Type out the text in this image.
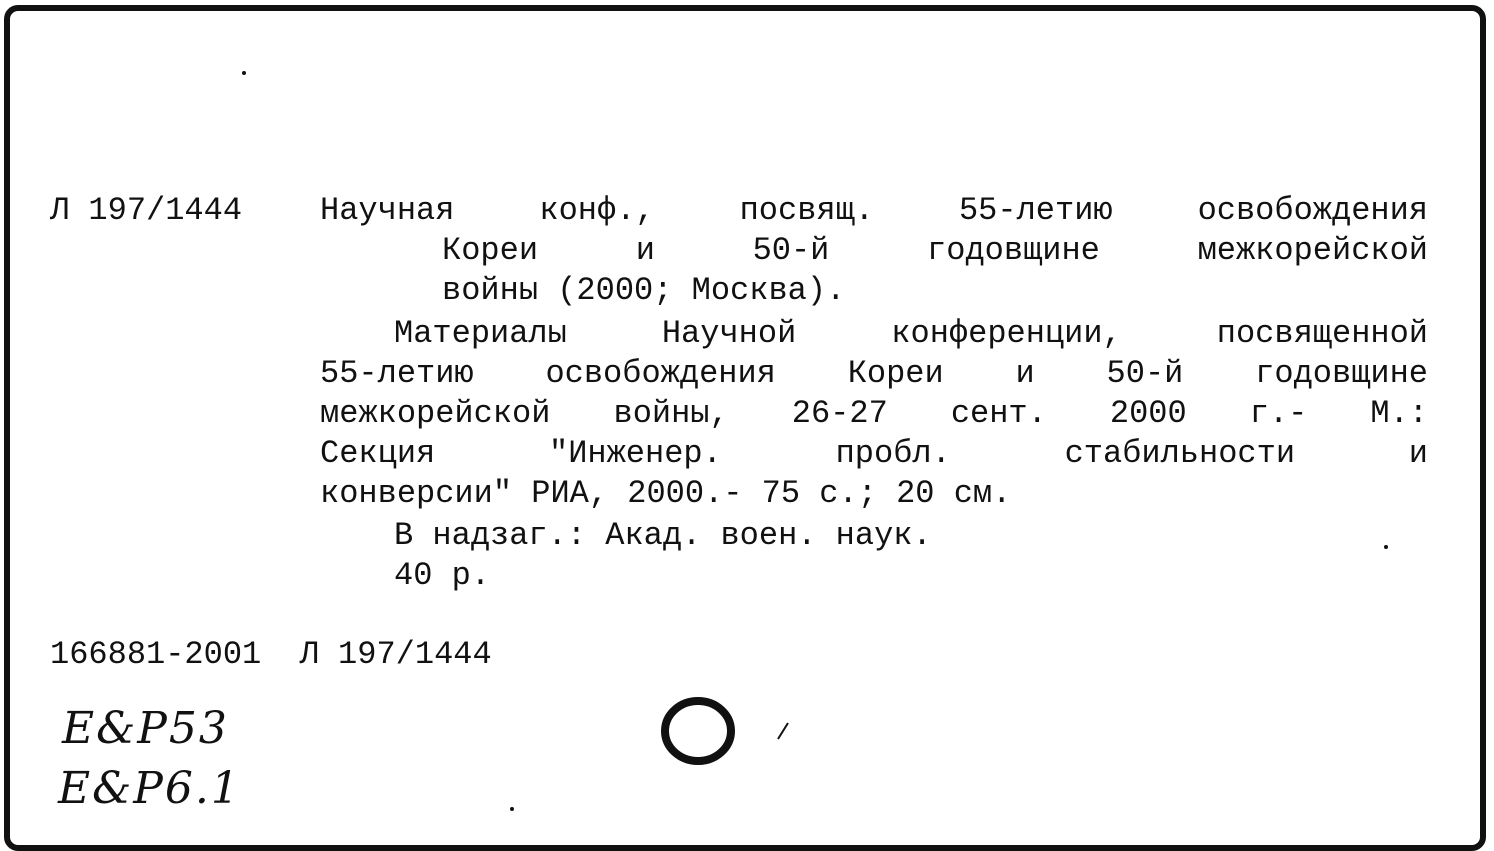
Л 197/1444 Научная конф., посвящ. 55-летию освобождения
Кореи и 50-й годовщине межкорейской
войны (2000; Москва).
Материалы Научной конференции, посвященной
55-летию освобождения Кореи и 50-й годовщине
межкорейской войны, 26-27 сент. 2000 г.- М.:
Секция "Инженер. пробл. стабильности и
конверсии" РИА, 2000.- 75 с.; 20 см.
В надзаг.: Акад. воен. наук.
40 р.
166881-2001  Л 197/1444
E&P53
E&P6.1
